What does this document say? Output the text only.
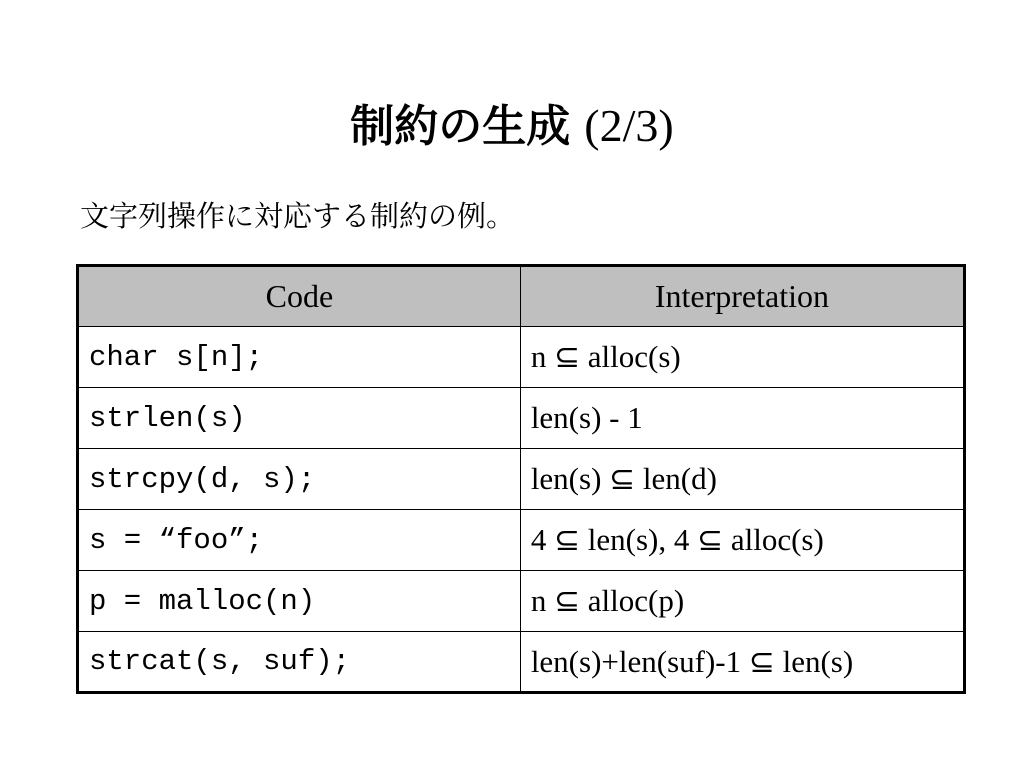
制約の生成 (2/3)
文字列操作に対応する制約の例。
Code	Interpretation
char s[n];	n ⊆ alloc(s)
strlen(s)	len(s) - 1
strcpy(d, s);	len(s) ⊆ len(d)
s = “foo”;	4 ⊆ len(s), 4 ⊆ alloc(s)
p = malloc(n)	n ⊆ alloc(p)
strcat(s, suf);	len(s)+len(suf)-1 ⊆ len(s)
